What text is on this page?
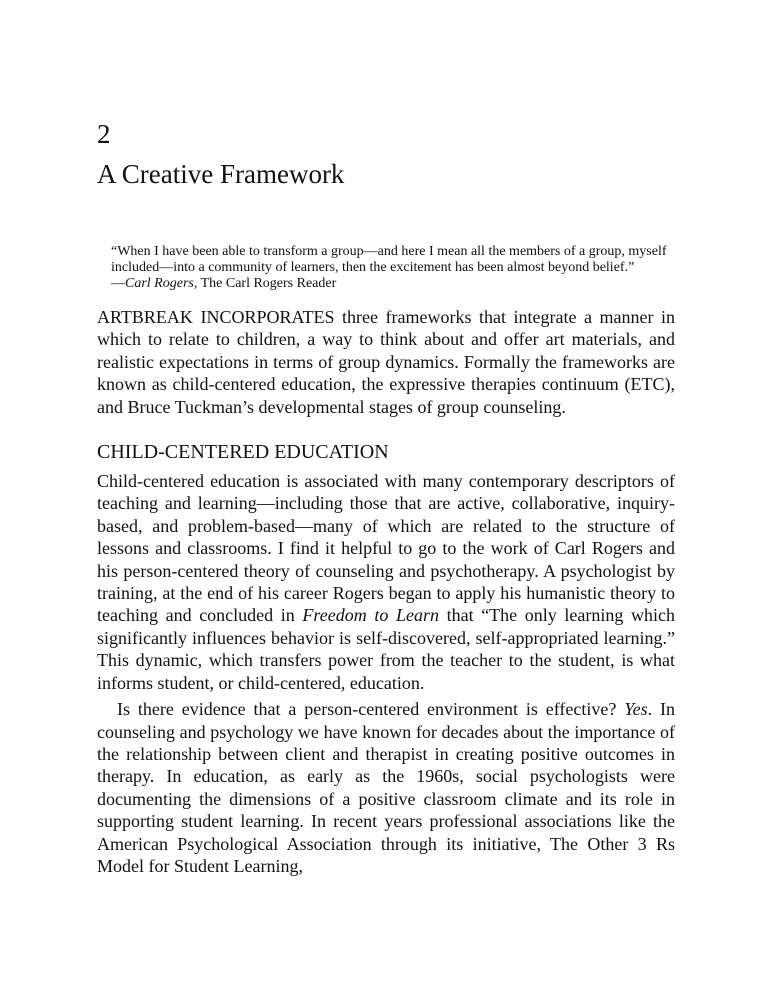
2
A Creative Framework

“When I have been able to transform a group—and here I mean all the members of a group, myself included—into a community of learners, then the excitement has been almost beyond belief.”

—Carl Rogers, The Carl Rogers Reader

ARTBREAK INCORPORATES three frameworks that integrate a manner in which to relate to children, a way to think about and offer art materials, and realistic expectations in terms of group dynamics. Formally the frameworks are known as child-centered education, the expressive therapies continuum (ETC), and Bruce Tuckman’s developmental stages of group counseling.

CHILD-CENTERED EDUCATION

Child-centered education is associated with many contemporary descriptors of teaching and learning—including those that are active, collaborative, inquiry-based, and problem-based—many of which are related to the structure of lessons and classrooms. I find it helpful to go to the work of Carl Rogers and his person-centered theory of counseling and psychotherapy. A psychologist by training, at the end of his career Rogers began to apply his humanistic theory to teaching and concluded in Freedom to Learn that “The only learning which significantly influences behavior is self-discovered, self-appropriated learning.” This dynamic, which transfers power from the teacher to the student, is what informs student, or child-centered, education.

Is there evidence that a person-centered environment is effective? Yes. In counseling and psychology we have known for decades about the importance of the relationship between client and therapist in creating positive outcomes in therapy. In education, as early as the 1960s, social psychologists were documenting the dimensions of a positive classroom climate and its role in supporting student learning. In recent years professional associations like the American Psychological Association through its initiative, The Other 3 Rs Model for Student Learning,
